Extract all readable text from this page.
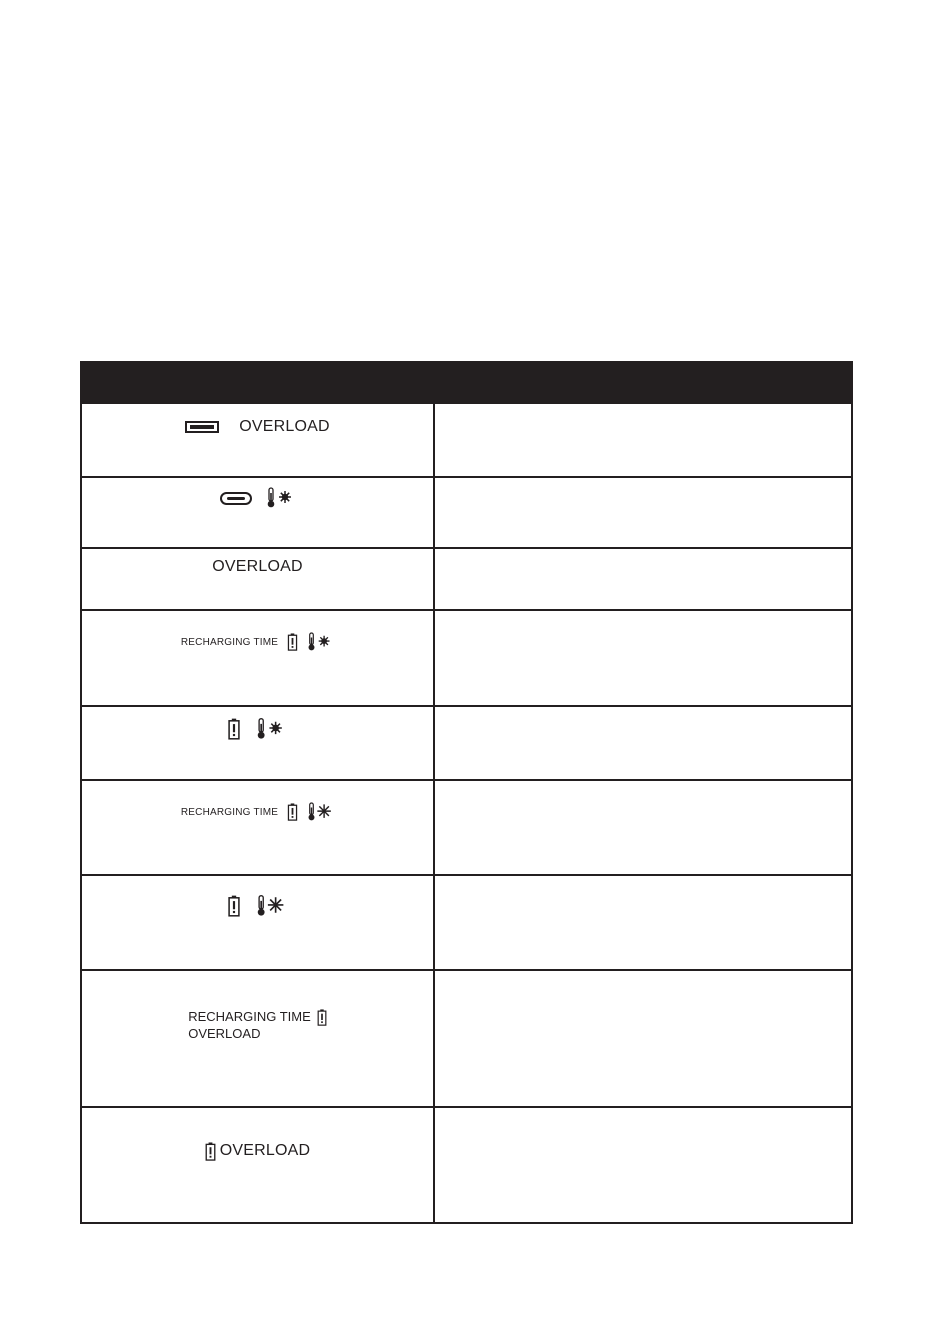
OVERLOAD
OVERLOAD
RECHARGING TIME
RECHARGING TIME
RECHARGING TIME
OVERLOAD
OVERLOAD
